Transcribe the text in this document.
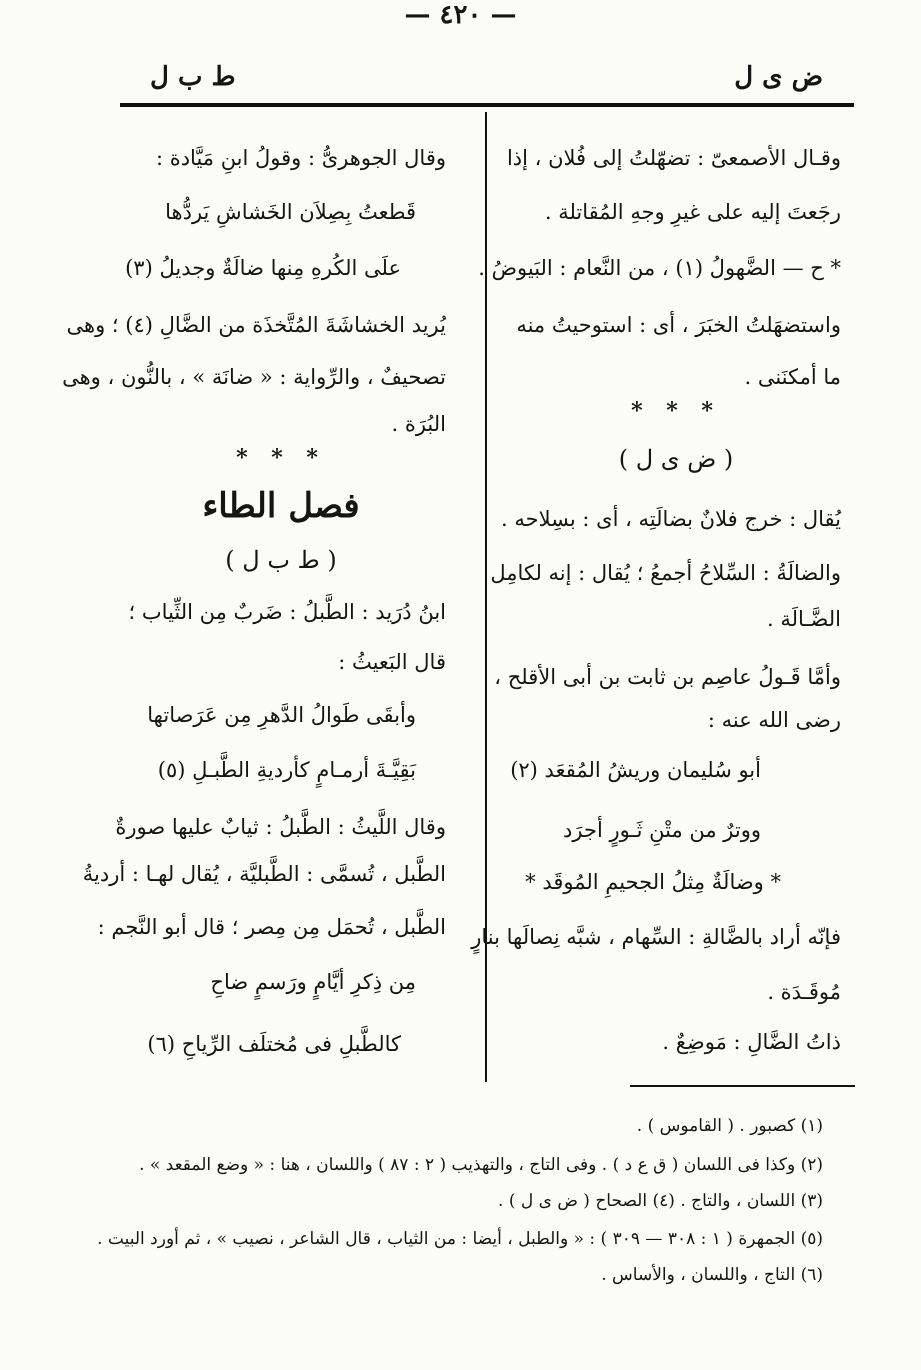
ض ى ل
— ٤٢٠ —
ط ب ل
وقـال الأصمعىّ : تضهّلتُ إلى فُلان ، إذا
رجَعتَ إليه على غيرِ وجهِ المُقاتلة .
* ح — الضَّهولُ (١) ، من النَّعام : البَيوضُ .
واستضهَلتُ الخبَرَ ، أى : استوحيتُ منه
ما أمكنَنى .
* * *
( ض ى ل )
يُقال : خرج فلانٌ بضالَتِه ، أى : بسِلاحه .
والضالَةُ : السِّلاحُ أجمعُ ؛ يُقال : إنه لكامِل
الضَّـالَة .
وأمَّا قَـولُ عاصِم بن ثابت بن أبى الأقلح ،
رضى الله عنه :
أبو سُليمان وريشُ المُقعَد (٢)
ووترٌ من متْنِ ثَـورٍ أجرَد
* وضالَةٌ مِثلُ الجحيمِ المُوقَد *
فإنّه أراد بالضَّالةِ : السِّهام ، شبَّه نِصالَها بنارٍ
مُوقَـدَة .
ذاتُ الضَّالِ : مَوضِعٌ .
وقال الجوهرىُّ : وقولُ ابنِ مَيَّادة :
قَطعتُ بِصِلاَن الخَشاشِ يَردُّها
علَى الكُرهِ مِنها ضالَةٌ وجديلُ (٣)
يُريد الخشاشَةَ المُتَّخذَة من الضَّالِ (٤) ؛ وهى
تصحيفٌ ، والرِّواية : « ضانَة » ، بالنُّون ، وهى
البُرَة .
* * *
فصل الطاء
( ط ب ل )
ابنُ دُرَيد : الطَّبلُ : ضَربٌ مِن الثِّياب ؛
قال البَعيثُ :
وأبقَى طَوالُ الدَّهرِ مِن عَرَصاتها
بَقِيَّـةَ أرمـامٍ كأرديةِ الطَّبـلِ (٥)
وقال اللَّيثُ : الطَّبلُ : ثيابٌ عليها صورةٌ
الطَّبل ، تُسمَّى : الطَّبليَّة ، يُقال لهـا : أرديةُ
الطَّبل ، تُحمَل مِن مِصر ؛ قال أبو النَّجم :
مِن ذِكرِ أيَّامٍ ورَسمٍ ضاحِ
كالطَّبلِ فى مُختلَف الرِّياحِ (٦)
(١) كصبور . ( القاموس ) .
(٢) وكذا فى اللسان ( ق ع د ) . وفى التاج ، والتهذيب ( ٢ : ٨٧ ) واللسان ، هنا : « وضع المقعد » .
(٣) اللسان ، والتاج . (٤) الصحاح ( ض ى ل ) .
(٥) الجمهرة ( ١ : ٣٠٨ — ٣٠٩ ) : « والطبل ، أيضا : من الثياب ، قال الشاعر ، نصيب » ، ثم أورد البيت .
(٦) التاج ، واللسان ، والأساس .
